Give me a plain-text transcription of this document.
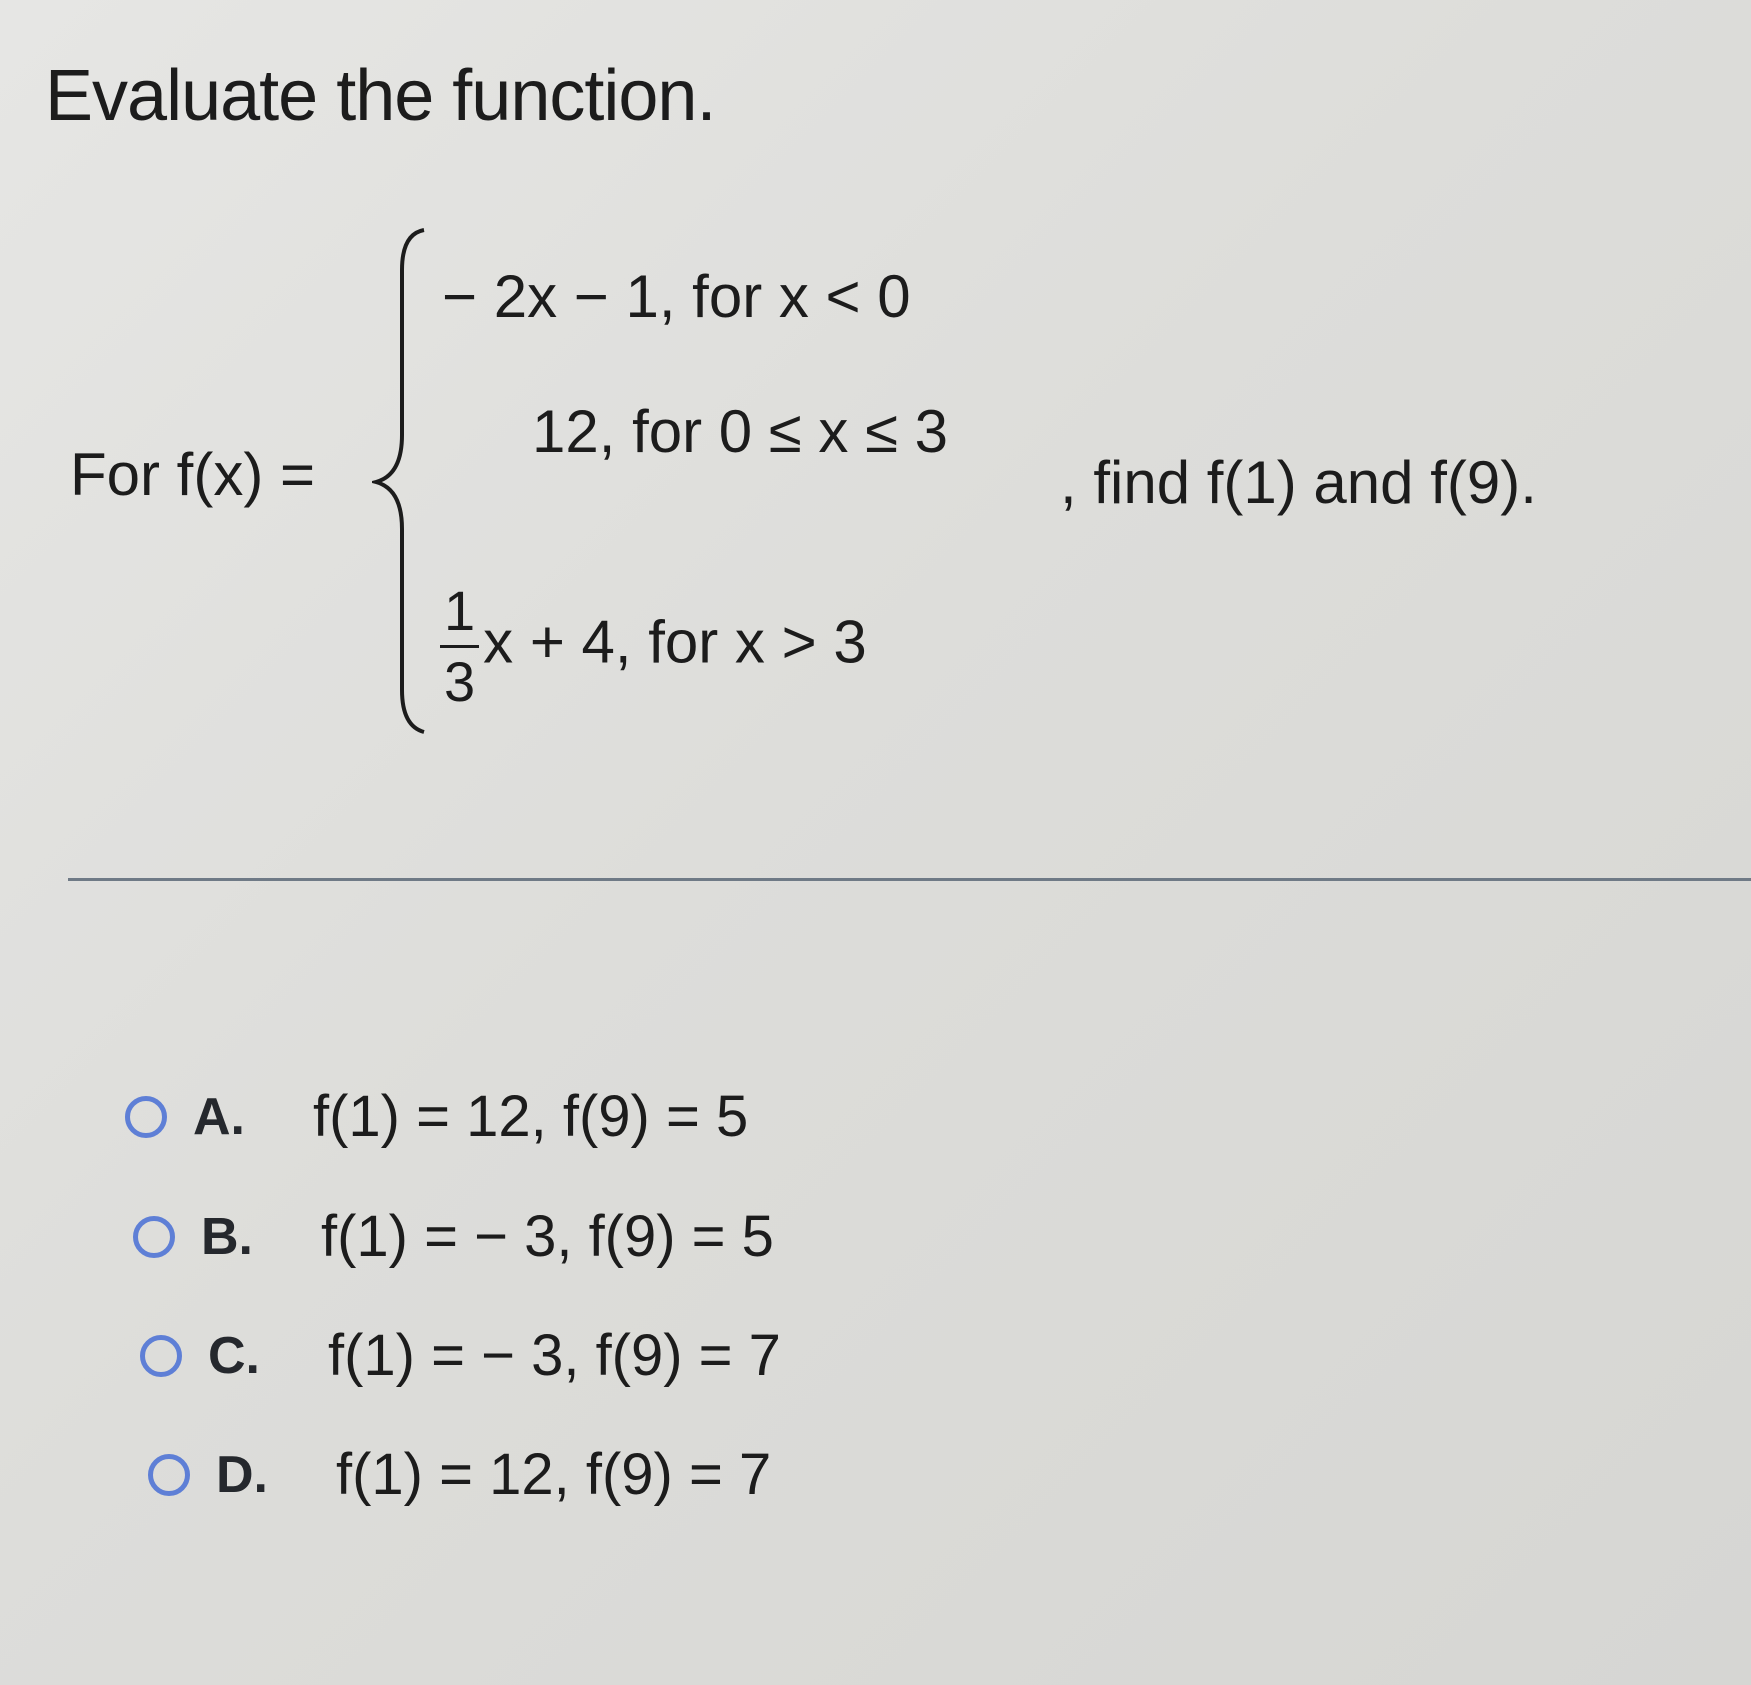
Evaluate the function.
For f(x) =
− 2x − 1, for x < 0
12, for 0 ≤ x ≤ 3
$\frac{1}{3}$ x + 4, for x > 3
, find f(1) and f(9).
A.	f(1) = 12, f(9) = 5
B.	f(1) = − 3, f(9) = 5
C.	f(1) = − 3, f(9) = 7
D.	f(1) = 12, f(9) = 7
